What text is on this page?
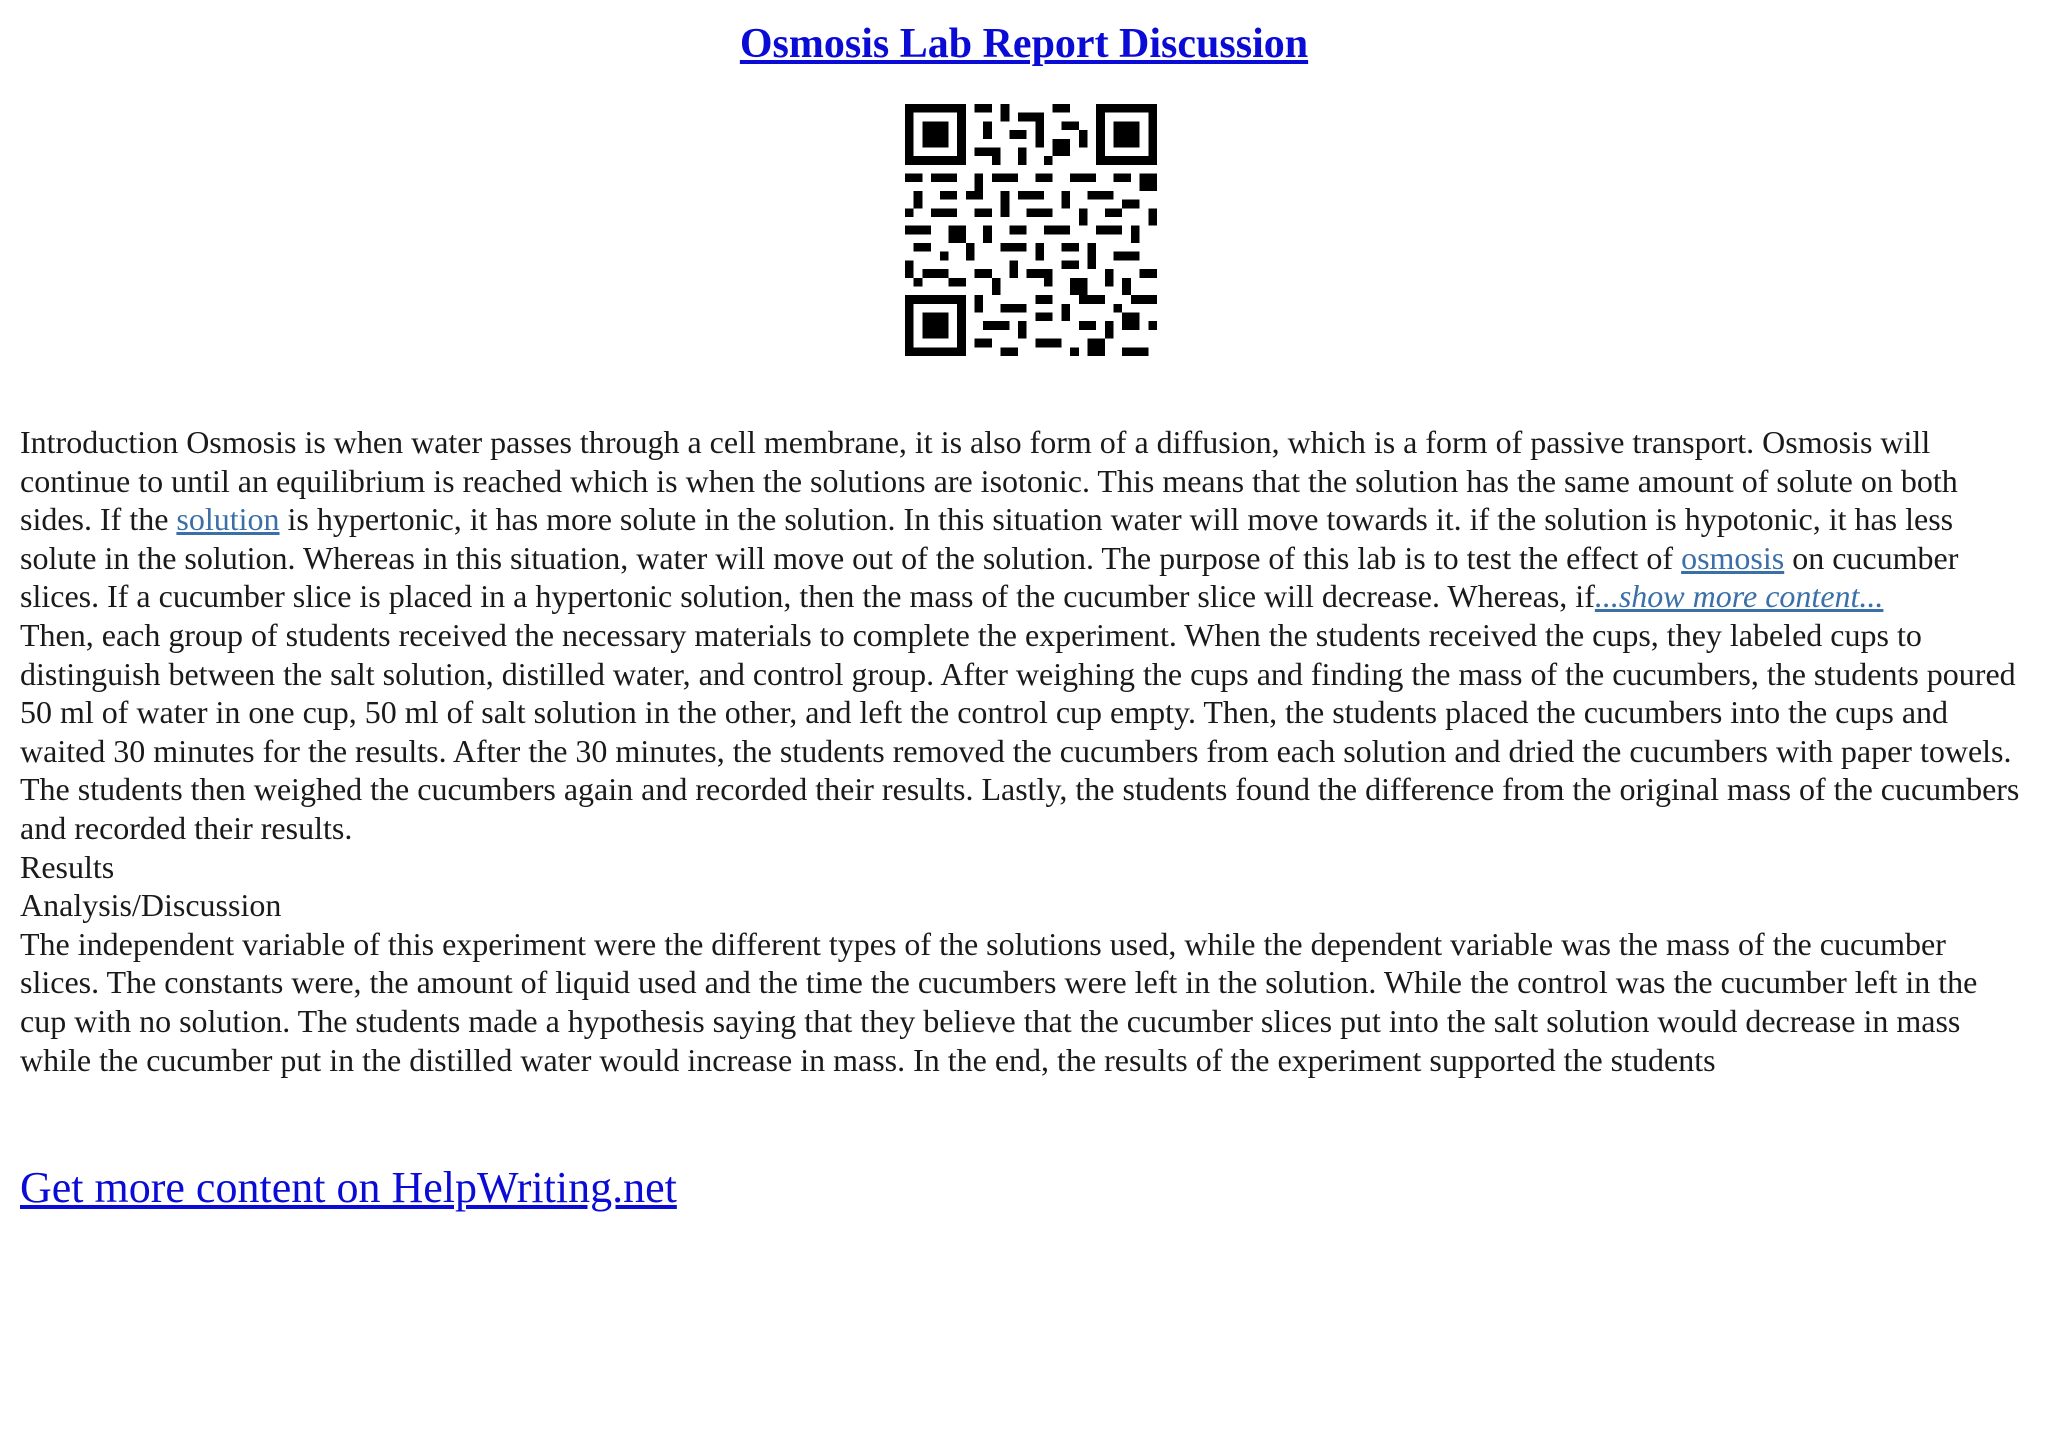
Osmosis Lab Report Discussion

Introduction Osmosis is when water passes through a cell membrane, it is also form of a diffusion, which is a form of passive transport. Osmosis will continue to until an equilibrium is reached which is when the solutions are isotonic. This means that the solution has the same amount of solute on both sides. If the solution is hypertonic, it has more solute in the solution. In this situation water will move towards it. if the solution is hypotonic, it has less solute in the solution. Whereas in this situation, water will move out of the solution. The purpose of this lab is to test the effect of osmosis on cucumber slices. If a cucumber slice is placed in a hypertonic solution, then the mass of the cucumber slice will decrease. Whereas, if...show more content...

Then, each group of students received the necessary materials to complete the experiment. When the students received the cups, they labeled cups to distinguish between the salt solution, distilled water, and control group. After weighing the cups and finding the mass of the cucumbers, the students poured 50 ml of water in one cup, 50 ml of salt solution in the other, and left the control cup empty. Then, the students placed the cucumbers into the cups and waited 30 minutes for the results. After the 30 minutes, the students removed the cucumbers from each solution and dried the cucumbers with paper towels. The students then weighed the cucumbers again and recorded their results. Lastly, the students found the difference from the original mass of the cucumbers and recorded their results.

Results

Analysis/Discussion

The independent variable of this experiment were the different types of the solutions used, while the dependent variable was the mass of the cucumber slices. The constants were, the amount of liquid used and the time the cucumbers were left in the solution. While the control was the cucumber left in the cup with no solution. The students made a hypothesis saying that they believe that the cucumber slices put into the salt solution would decrease in mass while the cucumber put in the distilled water would increase in mass. In the end, the results of the experiment supported the students

Get more content on HelpWriting.net
